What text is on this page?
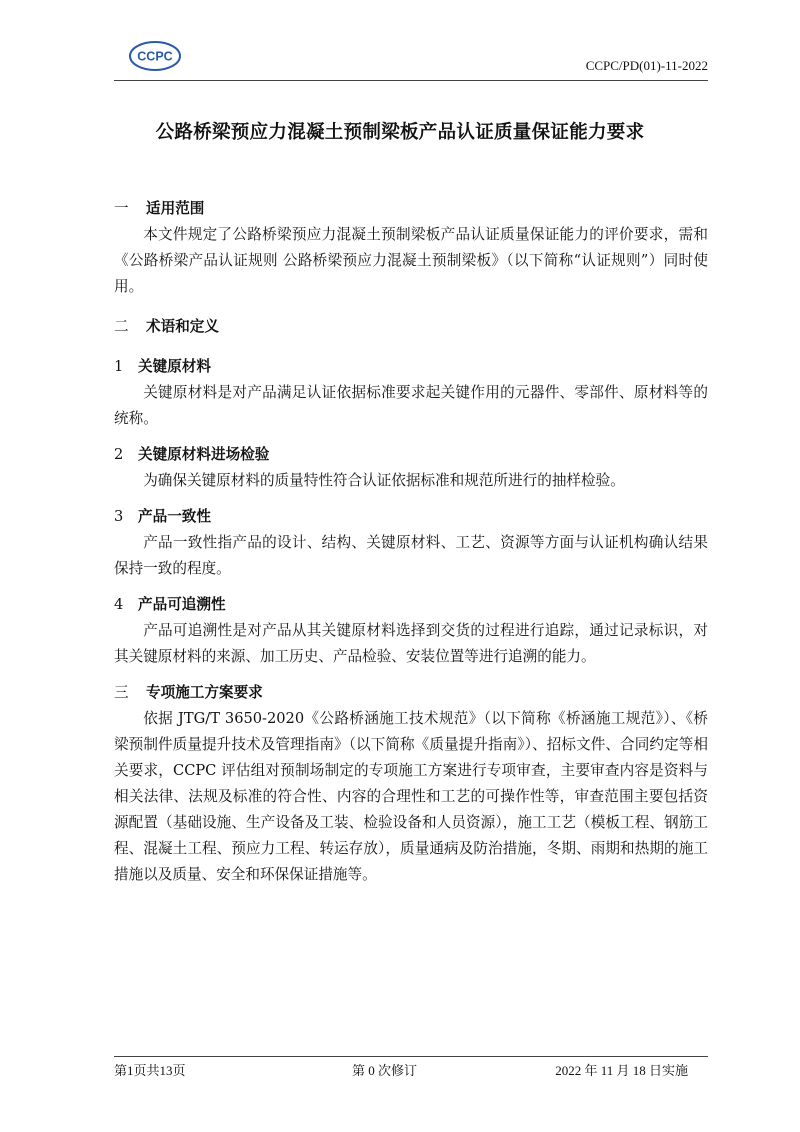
CCPC
CCPC/PD(01)-11-2022
公路桥梁预应力混凝土预制梁板产品认证质量保证能力要求

一 适用范围

本文件规定了公路桥梁预应力混凝土预制梁板产品认证质量保证能力的评价要求，需和《公路桥梁产品认证规则 公路桥梁预应力混凝土预制梁板》（以下简称“认证规则”）同时使用。

二 术语和定义

1 关键原材料

关键原材料是对产品满足认证依据标准要求起关键作用的元器件、零部件、原材料等的统称。

2 关键原材料进场检验

为确保关键原材料的质量特性符合认证依据标准和规范所进行的抽样检验。

3 产品一致性

产品一致性指产品的设计、结构、关键原材料、工艺、资源等方面与认证机构确认结果保持一致的程度。

4 产品可追溯性

产品可追溯性是对产品从其关键原材料选择到交货的过程进行追踪，通过记录标识，对其关键原材料的来源、加工历史、产品检验、安装位置等进行追溯的能力。

三 专项施工方案要求

依据 JTG/T 3650-2020《公路桥涵施工技术规范》（以下简称《桥涵施工规范》）、《桥梁预制件质量提升技术及管理指南》（以下简称《质量提升指南》）、招标文件、合同约定等相关要求，CCPC 评估组对预制场制定的专项施工方案进行专项审查，主要审查内容是资料与相关法律、法规及标准的符合性、内容的合理性和工艺的可操作性等，审查范围主要包括资源配置（基础设施、生产设备及工装、检验设备和人员资源），施工工艺（模板工程、钢筋工程、混凝土工程、预应力工程、转运存放），质量通病及防治措施，冬期、雨期和热期的施工措施以及质量、安全和环保保证措施等。

第1页共13页	第 0 次修订	2022 年 11 月 18 日实施
